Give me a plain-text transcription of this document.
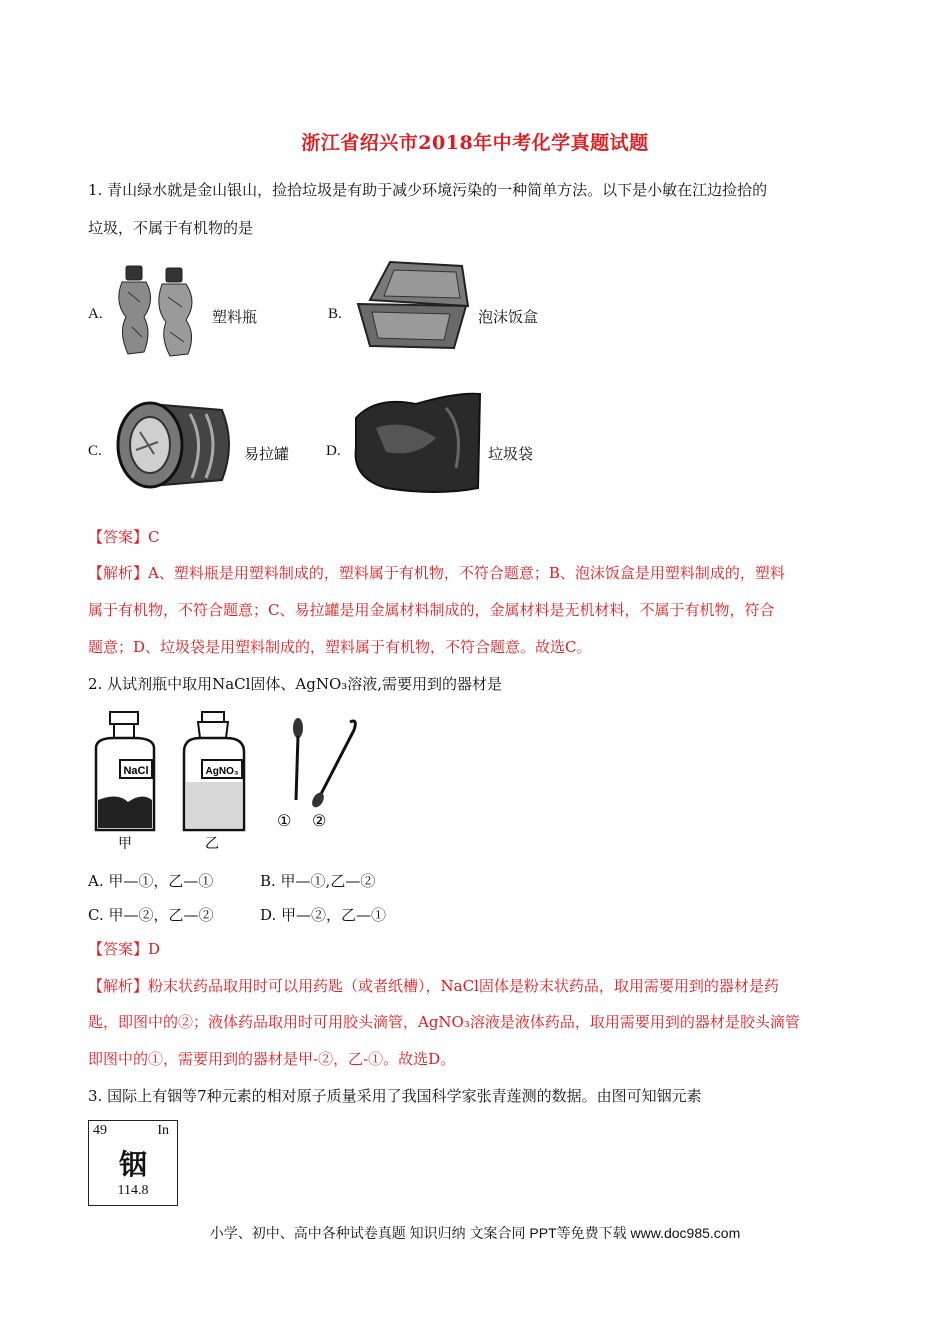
浙江省绍兴市2018年中考化学真题试题
1. 青山绿水就是金山银山，捡拾垃圾是有助于减少环境污染的一种简单方法。以下是小敏在江边捡拾的
垃圾，不属于有机物的是
A.	塑料瓶	B.	泡沫饭盒
C.	易拉罐 D.	垃圾袋
【答案】C
【解析】A、塑料瓶是用塑料制成的，塑料属于有机物，不符合题意；B、泡沫饭盒是用塑料制成的，塑料
属于有机物，不符合题意；C、易拉罐是用金属材料制成的，金属材料是无机材料，不属于有机物，符合
题意；D、垃圾袋是用塑料制成的，塑料属于有机物，不符合题意。故选C。
2. 从试剂瓶中取用NaCl固体、AgNO₃溶液,需要用到的器材是
NaCl
甲
AgNO₃
乙
① ②
A. 甲—①，乙—①	B. 甲—①,乙—②
C. 甲—②，乙—②	D. 甲—②，乙—①
【答案】D
【解析】粉末状药品取用时可以用药匙（或者纸槽），NaCl固体是粉末状药品，取用需要用到的器材是药
匙，即图中的②；液体药品取用时可用胶头滴管，AgNO₃溶液是液体药品，取用需要用到的器材是胶头滴管
即图中的①，需要用到的器材是甲-②，乙-①。故选D。
3. 国际上有铟等7种元素的相对原子质量采用了我国科学家张青莲测的数据。由图可知铟元素
49	In
铟
114.8
小学、初中、高中各种试卷真题 知识归纳 文案合同 PPT等免费下载 www.doc985.com
